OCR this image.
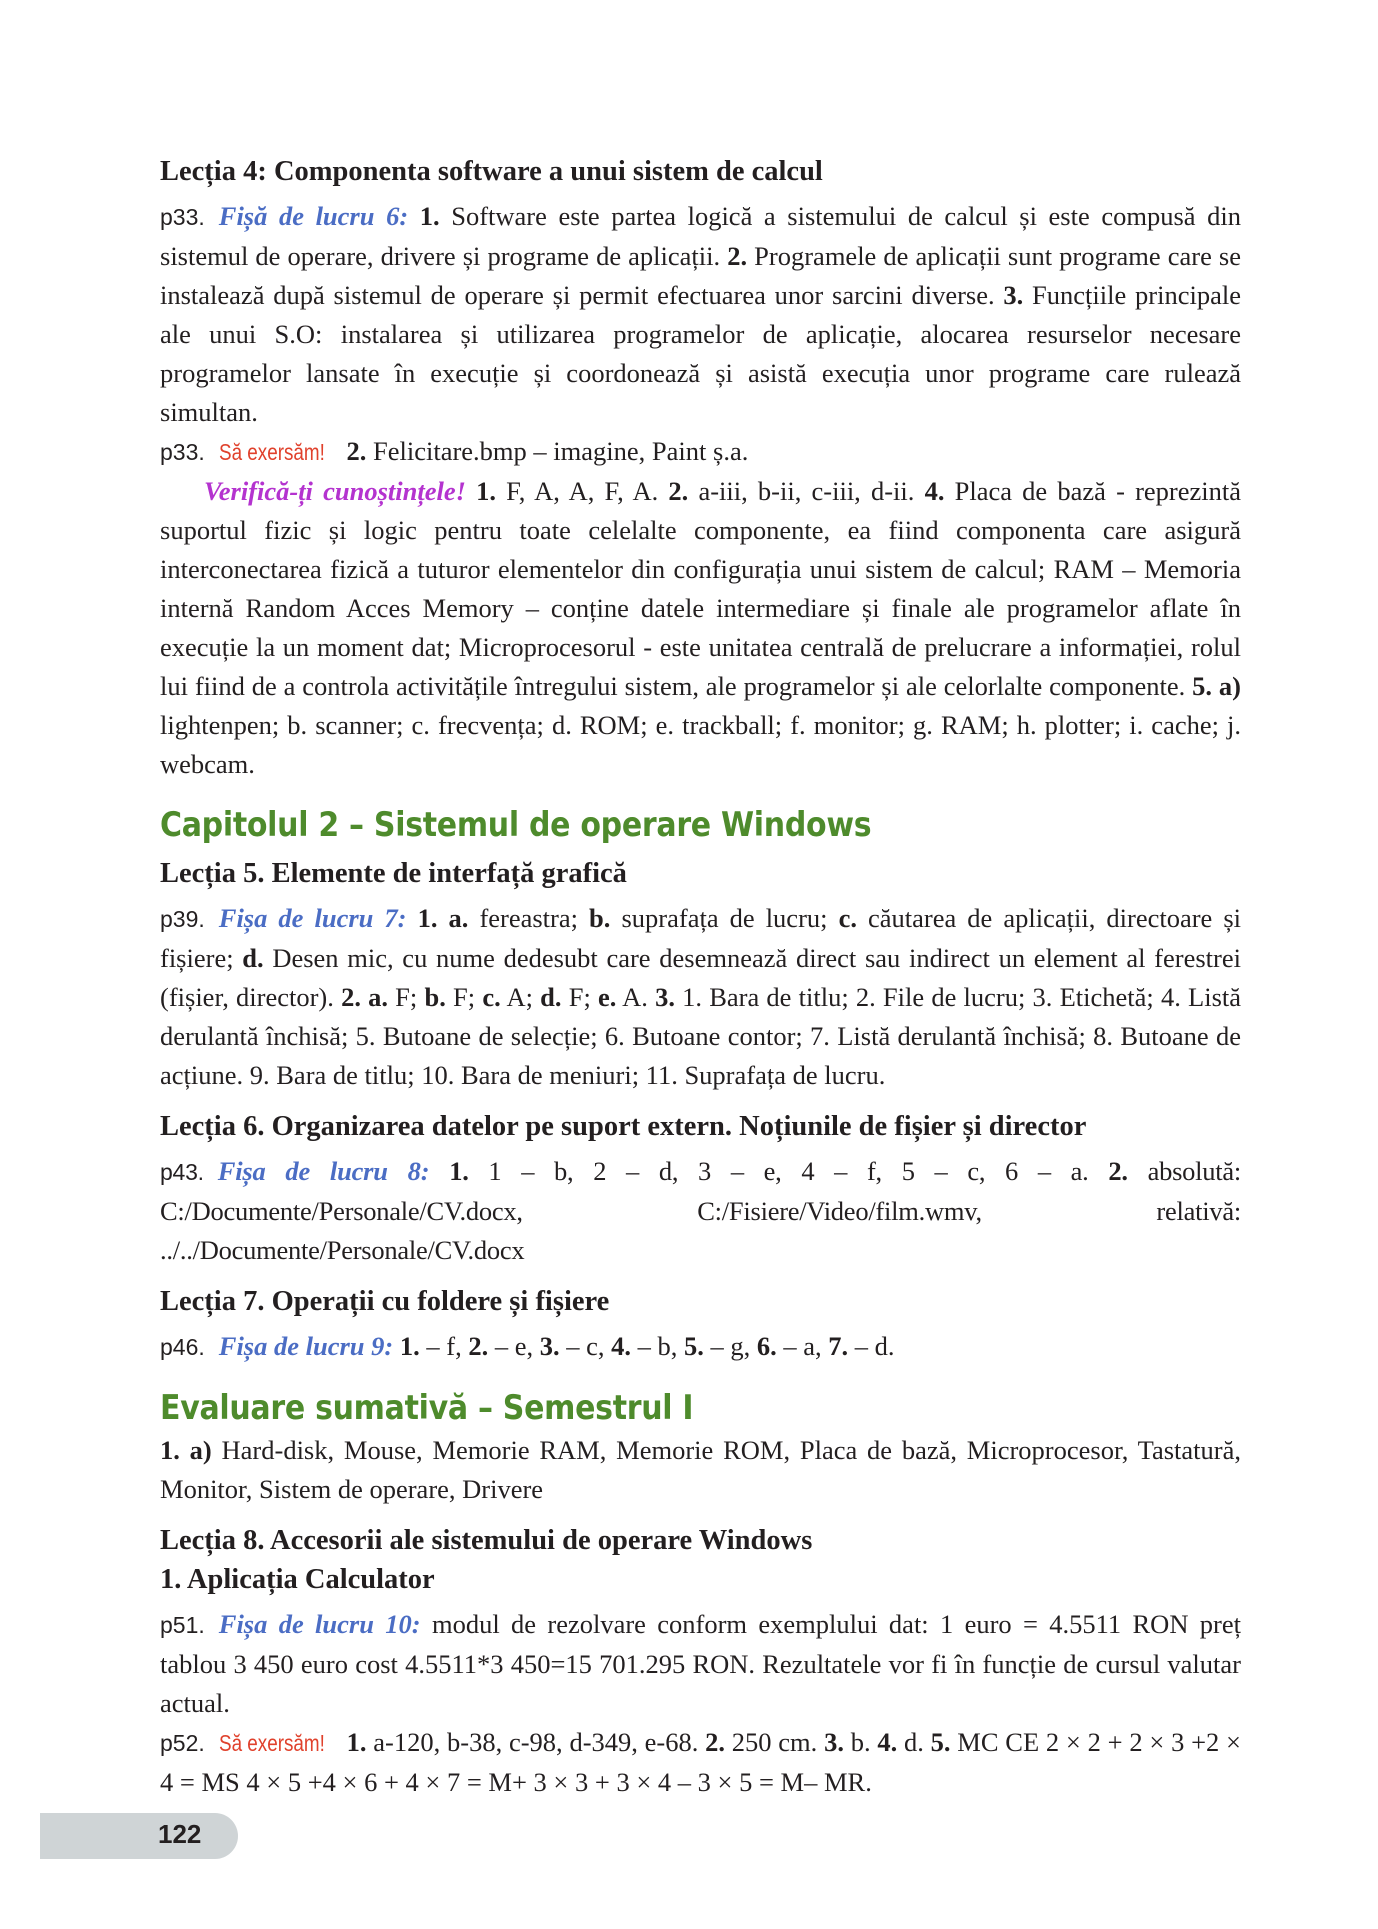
Lecția 4: Componenta software a unui sistem de calcul

p33. Fișă de lucru 6: 1. Software este partea logică a sistemului de calcul și este compusă din sistemul de operare, drivere și programe de aplicații. 2. Programele de aplicații sunt programe care se instalează după sistemul de operare și permit efectuarea unor sarcini diverse. 3. Funcțiile principale ale unui S.O: instalarea și utilizarea programelor de aplicație, alocarea resurselor necesare programelor lansate în execuție și coordonează și asistă execuția unor programe care rulează simultan.

p33. Să exersăm! 2. Felicitare.bmp – imagine, Paint ș.a.

Verifică-ți cunoștințele! 1. F, A, A, F, A. 2. a-iii, b-ii, c-iii, d-ii. 4. Placa de bază - reprezintă suportul fizic și logic pentru toate celelalte componente, ea fiind componenta care asigură interconectarea fizică a tuturor elementelor din configurația unui sistem de calcul; RAM – Memoria internă Random Acces Memory – conține datele intermediare și finale ale programelor aflate în execuție la un moment dat; Microprocesorul - este unitatea centrală de prelucrare a informației, rolul lui fiind de a controla activitățile întregului sistem, ale programelor și ale celorlalte componente. 5. a) lightenpen; b. scanner; c. frecvența; d. ROM; e. trackball; f. monitor; g. RAM; h. plotter; i. cache; j. webcam.

Capitolul 2 – Sistemul de operare Windows
Lecția 5. Elemente de interfață grafică

p39. Fișa de lucru 7: 1. a. fereastra; b. suprafața de lucru; c. căutarea de aplicații, directoare și fișiere; d. Desen mic, cu nume dedesubt care desemnează direct sau indirect un element al ferestrei (fișier, director). 2. a. F; b. F; c. A; d. F; e. A. 3. 1. Bara de titlu; 2. File de lucru; 3. Etichetă; 4. Listă derulantă închisă; 5. Butoane de selecție; 6. Butoane contor; 7. Listă derulantă închisă; 8. Butoane de acțiune. 9. Bara de titlu; 10. Bara de meniuri; 11. Suprafața de lucru.

Lecția 6. Organizarea datelor pe suport extern. Noțiunile de fișier și director

p43. Fișa de lucru 8: 1. 1 – b, 2 – d, 3 – e, 4 – f, 5 – c, 6 – a. 2. absolută: C:/Documente/Personale/CV.docx, C:/Fisiere/Video/film.wmv, relativă: ../../Documente/Personale/CV.docx

Lecția 7. Operații cu foldere și fișiere

p46. Fișa de lucru 9: 1. – f, 2. – e, 3. – c, 4. – b, 5. – g, 6. – a, 7. – d.

Evaluare sumativă – Semestrul I

1. a) Hard-disk, Mouse, Memorie RAM, Memorie ROM, Placa de bază, Microprocesor, Tastatură, Monitor, Sistem de operare, Drivere

Lecția 8. Accesorii ale sistemului de operare Windows
1. Aplicația Calculator

p51. Fișa de lucru 10: modul de rezolvare conform exemplului dat: 1 euro = 4.5511 RON preț tablou 3 450 euro cost 4.5511*3 450=15 701.295 RON. Rezultatele vor fi în funcție de cursul valutar actual.

p52. Să exersăm! 1. a-120, b-38, c-98, d-349, e-68. 2. 250 cm. 3. b. 4. d. 5. MC CE 2 × 2 + 2 × 3 +2 × 4 = MS 4 × 5 +4 × 6 + 4 × 7 = M+ 3 × 3 + 3 × 4 – 3 × 5 = M– MR.

122
